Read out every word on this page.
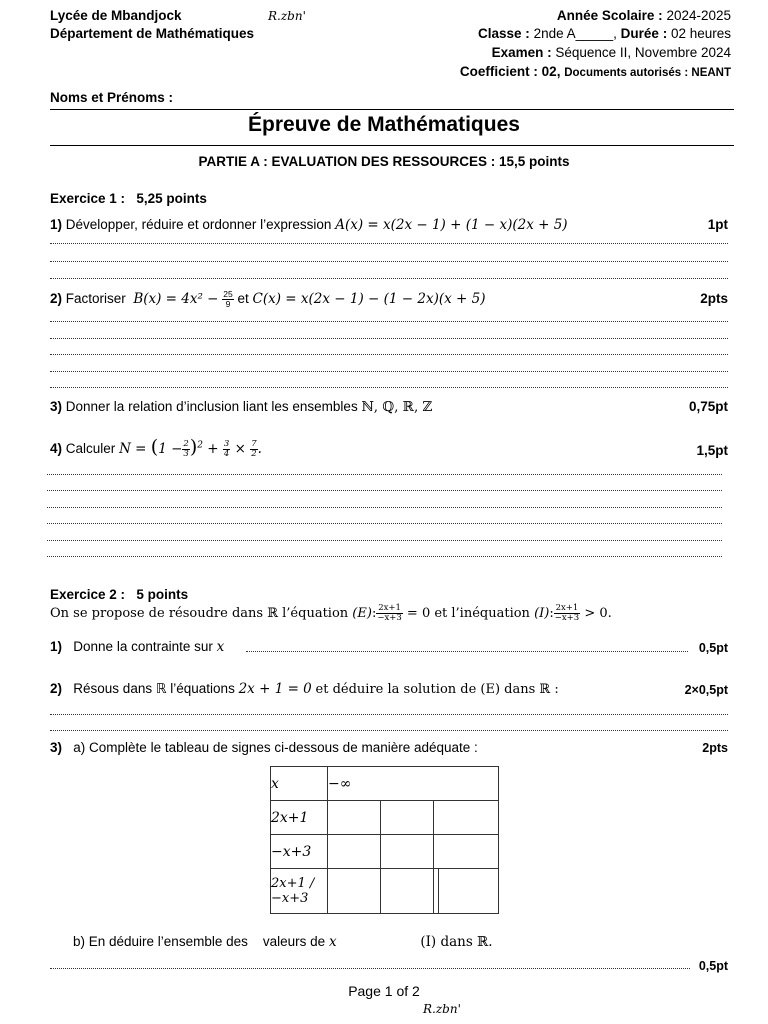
Lycée de Mbandjock
Département de Mathématiques
R.zbn'	Année Scolaire : 2024-2025
Classe : 2nde A_____, Durée : 02 heures
Examen : Séquence II, Novembre 2024
Coefficient : 02, Documents autorisés : NEANT
Noms et Prénoms :
Épreuve de Mathématiques
PARTIE A : EVALUATION DES RESSOURCES : 15,5 points
Exercice 1 : 5,25 points
1) Développer, réduire et ordonner l’expression A(x) = x(2x − 1) + (1 − x)(2x + 5)	1pt
2) Factoriser $B(x) = 4x^2 - \frac{25}{9}$ et C(x) = x(2x − 1) − (1 − 2x)(x + 5)	2pts
3) Donner la relation d’inclusion liant les ensembles ℕ, ℚ, ℝ, ℤ	0,75pt
4) Calculer $N = (1 - \frac{2}{3} )^2 + \frac{3}{4} \times \frac{7}{2}$ .	1,5pt
Exercice 2 : 5 points
On se propose de résoudre dans ℝ l’équation (E): $\frac{2x+1}{-x+3} = 0$ et l’inéquation (I): $\frac{2x+1}{-x+3} > 0$.
1) Donne la contrainte sur x	0,5pt
2) Résous dans ℝ l’équations 2x + 1 = 0 et déduire la solution de (E) dans ℝ :	2×0,5pt
3) a) Complète le tableau de signes ci-dessous de manière adéquate :	2pts
x	−∞			
2x+1				
−x+3				
2x+1 / −x+3				
b) En déduire l’ensemble des valeurs de x	(I) dans ℝ.
0,5pt
Page 1 of 2
R.zbn'
